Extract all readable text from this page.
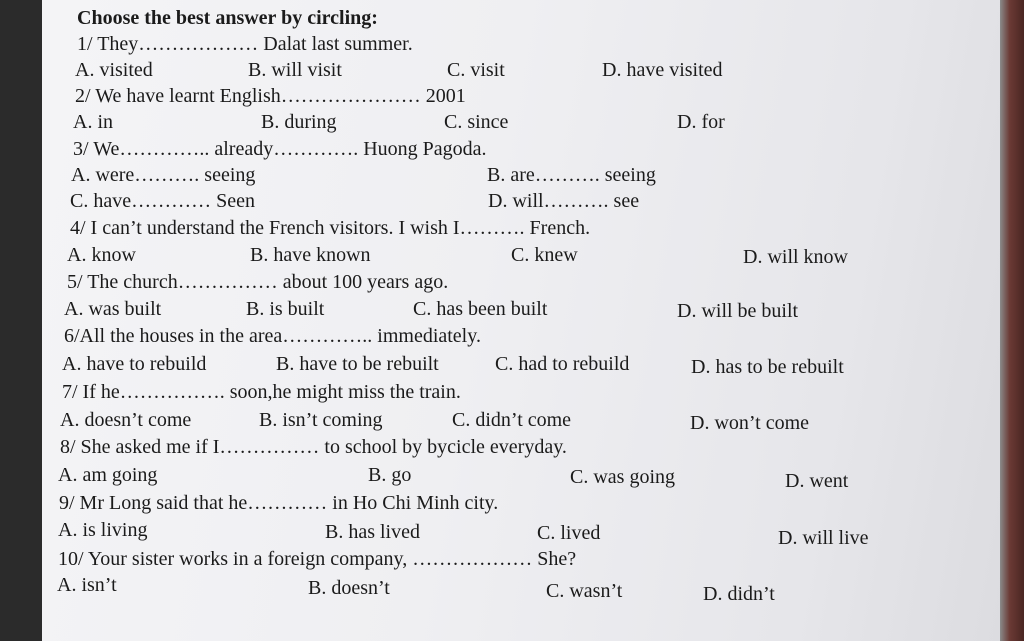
Choose the best answer by circling:
1/ They……………… Dalat last summer.
A. visited	B. will visit	C. visit	D. have visited
2/ We have learnt English………………… 2001
A. in	B. during	C. since	D. for
3/ We………….. already…………. Huong Pagoda.
A. were………. seeing	B. are………. seeing
C. have………… Seen	D. will………. see
4/ I can’t understand the French visitors. I wish I………. French.
A. know	B. have known	C. knew	D. will know
5/ The church…………… about 100 years ago.
A. was built	B. is built	C. has been built	D. will be built
6/All the houses in the area………….. immediately.
A. have to rebuild	B. have to be rebuilt	C. had to rebuild	D. has to be rebuilt
7/ If he……………. soon,he might miss the train.
A. doesn’t come	B. isn’t coming	C. didn’t come	D. won’t come
8/ She asked me if I…………… to school by bycicle everyday.
A. am going	B. go	C. was going	D. went
9/ Mr Long said that he………… in Ho Chi Minh city.
A. is living	B. has lived	C. lived	D. will live
10/ Your sister works in a foreign company, ……………… She?
A. isn’t	B. doesn’t	C. wasn’t	D. didn’t
